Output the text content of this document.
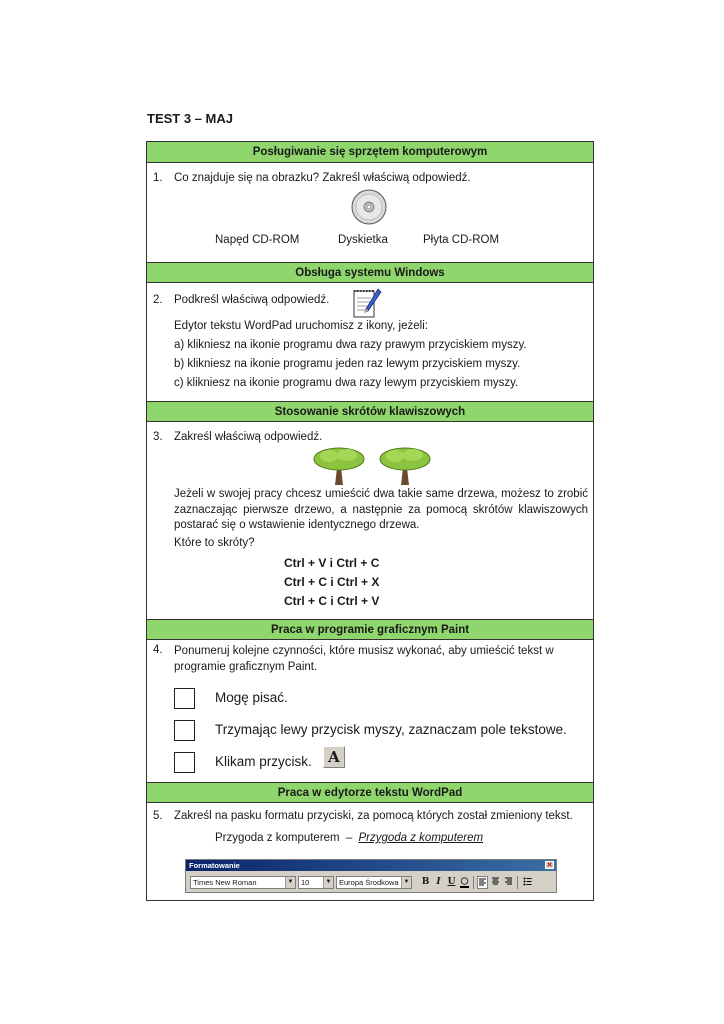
TEST 3 – MAJ
Posługiwanie się sprzętem komputerowym
1. Co znajduje się na obrazku? Zakreśl właściwą odpowiedź.
Napęd CD-ROM	Dyskietka	Płyta CD-ROM
Obsługa systemu Windows
2. Podkreśl właściwą odpowiedź.
Edytor tekstu WordPad uruchomisz z ikony, jeżeli:
a) klikniesz na ikonie programu dwa razy prawym przyciskiem myszy.
b) klikniesz na ikonie programu jeden raz lewym przyciskiem myszy.
c) klikniesz na ikonie programu dwa razy lewym przyciskiem myszy.
Stosowanie skrótów klawiszowych
3. Zakreśl właściwą odpowiedź.
Jeżeli w swojej pracy chcesz umieścić dwa takie same drzewa, możesz to zrobić zaznaczając pierwsze drzewo, a następnie za pomocą skrótów klawiszowych postarać się o wstawienie identycznego drzewa.
Które to skróty?
Ctrl + V i Ctrl + C
Ctrl + C i Ctrl + X
Ctrl + C i Ctrl + V
Praca w programie graficznym Paint
4. Ponumeruj kolejne czynności, które musisz wykonać, aby umieścić tekst w programie graficznym Paint.
Mogę pisać.
Trzymając lewy przycisk myszy, zaznaczam pole tekstowe.
Klikam przycisk.	A
Praca w edytorze tekstu WordPad
5. Zakreśl na pasku formatu przyciski, za pomocą których został zmieniony tekst.
Przygoda z komputerem – Przygoda z komputerem
Formatowanie	✕
Times New Roman	▼	10	▼	Europa Środkowa ▼ B I U
